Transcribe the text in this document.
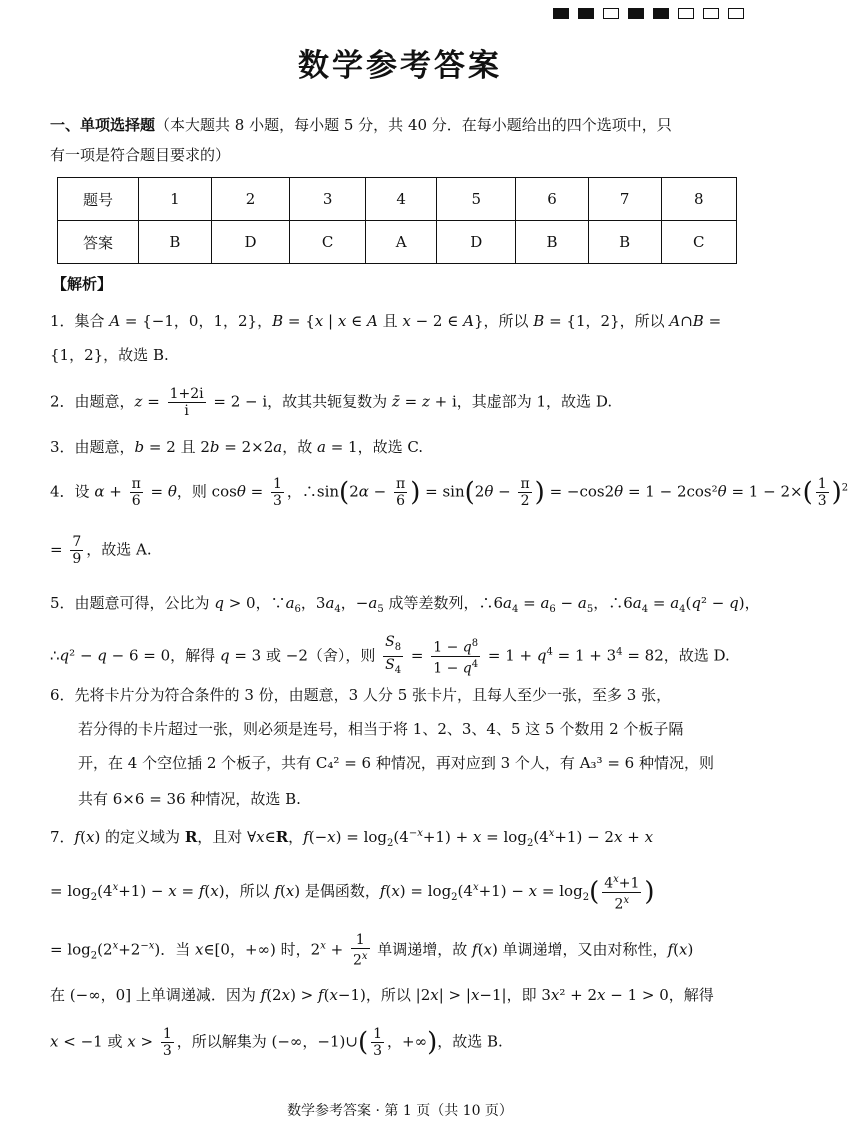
数学参考答案

一、单项选择题（本大题共 8 小题，每小题 5 分，共 40 分．在每小题给出的四个选项中，只
有一项是符合题目要求的）

题号	1	2	3	4	5	6	7	8
答案	B	D	C	A	D	B	B	C
【解析】

1．集合 A = {−1，0，1，2}，B = {x | x ∈ A 且 x − 2 ∈ A}，所以 B = {1，2}，所以 A∩B =

{1，2}，故选 B.

2．由题意，$z = \frac{1+2i}{i} = 2 - i$，故其共轭复数为 z̄ = z + i，其虚部为 1，故选 D.

3．由题意，b = 2 且 2b = 2×2a，故 a = 1，故选 C.

4．设 $\alpha + \frac{\pi}{6} = \theta$，则 $\cos\theta = \frac{1}{3}$ ，∴sin(2α − $\frac{\pi}{6}$ ) = $\sin(2\theta - \frac{\pi}{2}$ ) = $-\cos 2\theta = 1 - 2\cos^2\theta = 1 - 2\times( \frac{1}{3} )^2$

= $\frac{7}{9}$ ，故选 A.

5．由题意可得，公比为 q > 0，$\because a_6$，$3a_4$，$-a_5$ 成等差数列，$\therefore 6a_4 = a_6 - a_5$，$\therefore 6a_4 = a_4(q^2 - q)$，

∴q² − q − 6 = 0，解得 q = 3 或 −2（舍），则 $\frac{S_8}{S_4} = \frac{1 - q^8}{1 - q^4} = 1 + q^4 = 1 + 3^4 = 82$，故选 D.

6．先将卡片分为符合条件的 3 份，由题意，3 人分 5 张卡片，且每人至少一张，至多 3 张，

若分得的卡片超过一张，则必须是连号，相当于将 1、2、3、4、5 这 5 个数用 2 个板子隔

开，在 4 个空位插 2 个板子，共有 C₄² = 6 种情况，再对应到 3 个人，有 A₃³ = 6 种情况，则

共有 6×6 = 36 种情况，故选 B.

7．f(x) 的定义域为 R，且对 ∀x∈R，$f(-x) = \log_2(4^{-x}+1) + x = \log_2(4^x+1) - 2x + x$

= $\log_2(4^x+1) - x = f(x)$，所以 f(x) 是偶函数，$f(x) = \log_2(4^x+1) - x = \log_2( \frac{4^x+1}{2^x}$ )

= $\log_2(2^x+2^{-x})$．当 x∈[0，+∞) 时，$2^x + \frac{1}{2^x}$ 单调递增，故 f(x) 单调递增，又由对称性，f(x)

在 (−∞，0] 上单调递减．因为 f(2x) > f(x−1)，所以 |2x| > |x−1|，即 3x² + 2x − 1 > 0，解得

x < −1 或 $x > \frac{1}{3}$ ，所以解集为 (−∞，−1)∪( $\frac{1}{3}$ ，+∞)，故选 B.

数学参考答案 · 第 1 页（共 10 页）
